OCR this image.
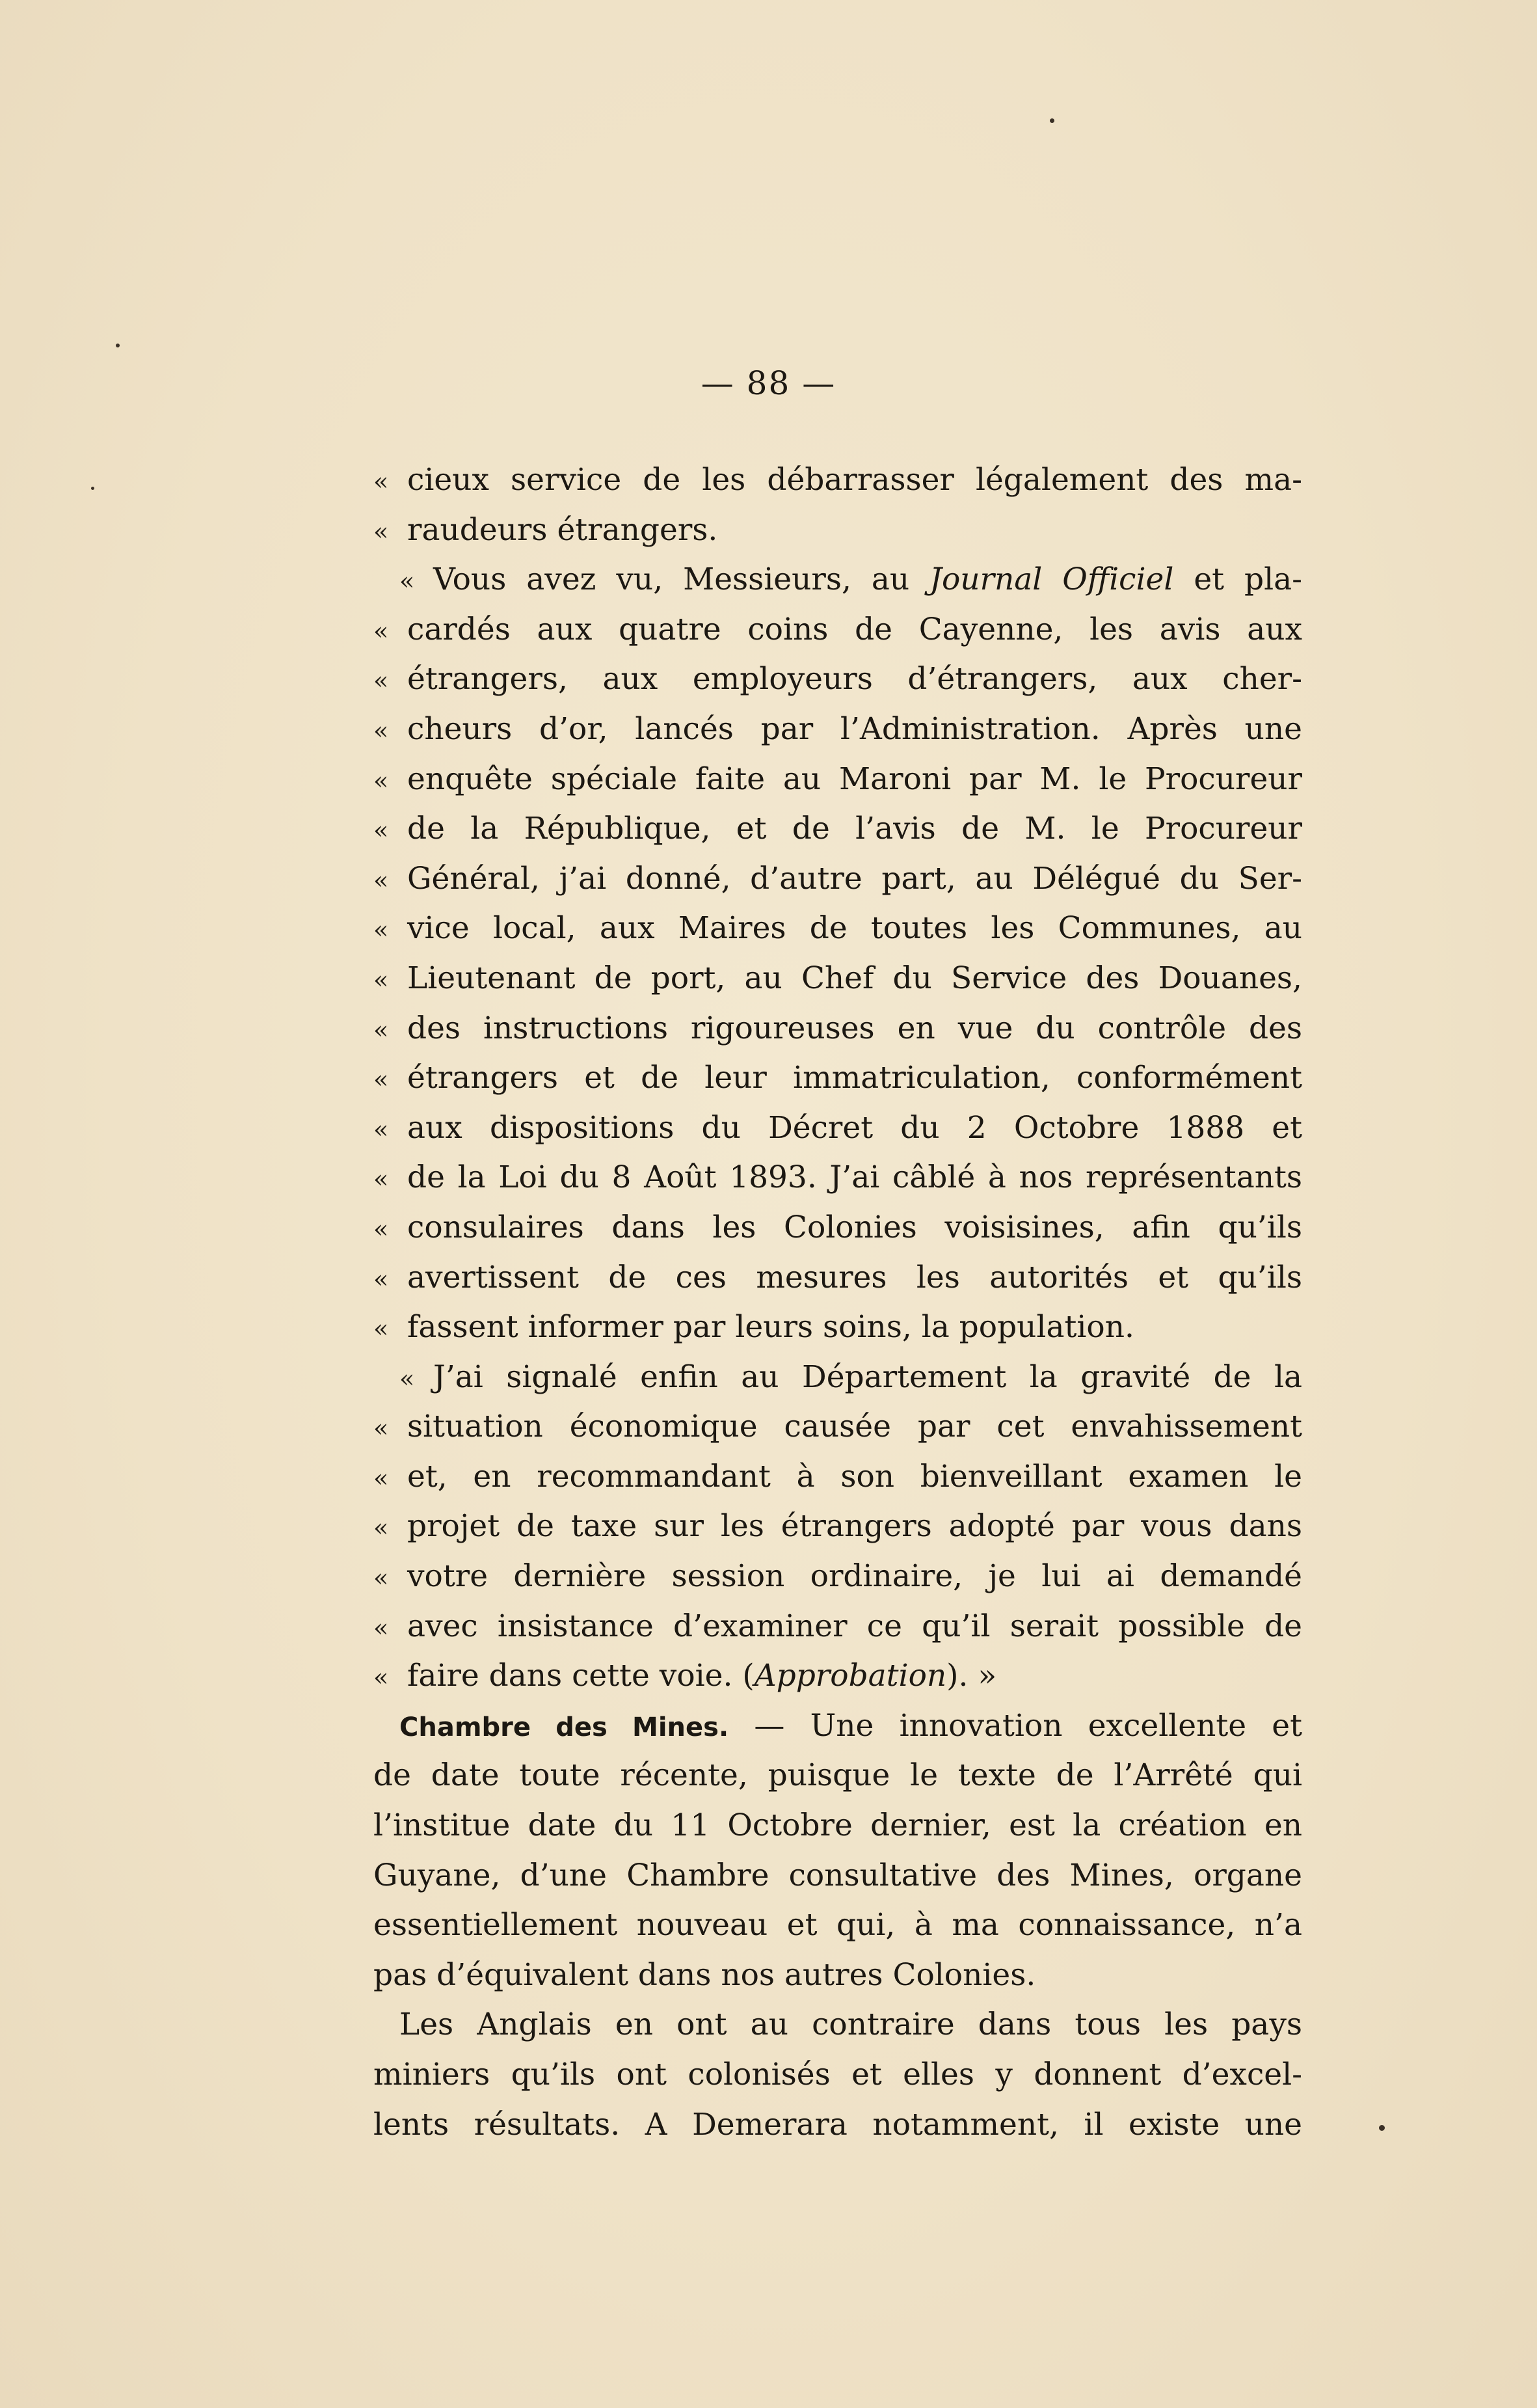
— 88 —
« cieux service de les débarrasser légalement des ma-
« raudeurs étrangers.
« Vous avez vu, Messieurs, au Journal Officiel et pla-
« cardés aux quatre coins de Cayenne, les avis aux
« étrangers, aux employeurs d’étrangers, aux cher-
« cheurs d’or, lancés par l’Administration. Après une
« enquête spéciale faite au Maroni par M. le Procureur
« de la République, et de l’avis de M. le Procureur
« Général, j’ai donné, d’autre part, au Délégué du Ser-
« vice local, aux Maires de toutes les Communes, au
« Lieutenant de port, au Chef du Service des Douanes,
« des instructions rigoureuses en vue du contrôle des
« étrangers et de leur immatriculation, conformément
« aux dispositions du Décret du 2 Octobre 1888 et
« de la Loi du 8 Août 1893. J’ai câblé à nos représentants
« consulaires dans les Colonies voisisines, afin qu’ils
« avertissent de ces mesures les autorités et qu’ils
« fassent informer par leurs soins, la population.
« J’ai signalé enfin au Département la gravité de la
« situation économique causée par cet envahissement
« et, en recommandant à son bienveillant examen le
« projet de taxe sur les étrangers adopté par vous dans
« votre dernière session ordinaire, je lui ai demandé
« avec insistance d’examiner ce qu’il serait possible de
« faire dans cette voie. (Approbation). »
Chambre des Mines. — Une innovation excellente et
de date toute récente, puisque le texte de l’Arrêté qui
l’institue date du 11 Octobre dernier, est la création en
Guyane, d’une Chambre consultative des Mines, organe
essentiellement nouveau et qui, à ma connaissance, n’a
pas d’équivalent dans nos autres Colonies.
Les Anglais en ont au contraire dans tous les pays
miniers qu’ils ont colonisés et elles y donnent d’excel-
lents résultats. A Demerara notamment, il existe une
